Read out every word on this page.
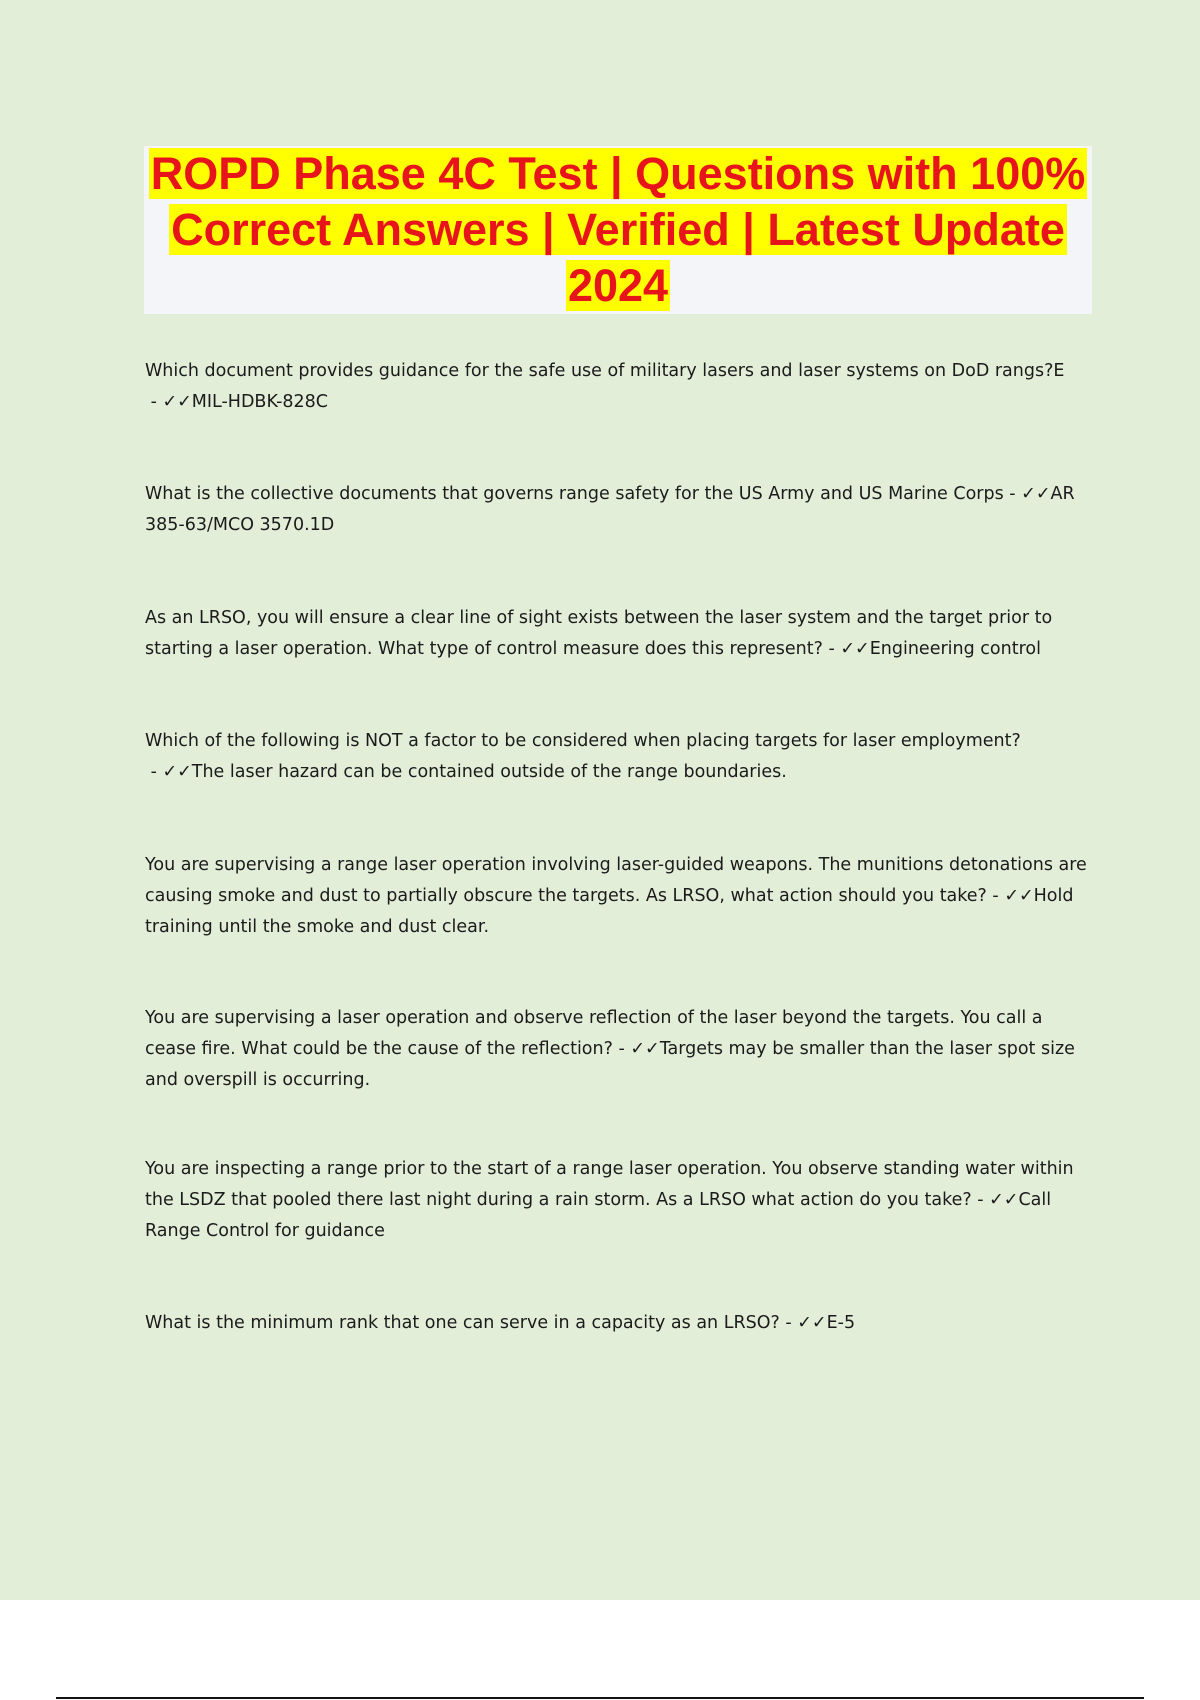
ROPD Phase 4C Test | Questions with 100% Correct Answers | Verified | Latest Update 2024

Which document provides guidance for the safe use of military lasers and laser systems on DoD rangs?E - ✓✓MIL-HDBK-828C

What is the collective documents that governs range safety for the US Army and US Marine Corps - ✓✓AR 385-63/MCO 3570.1D

As an LRSO, you will ensure a clear line of sight exists between the laser system and the target prior to starting a laser operation. What type of control measure does this represent? - ✓✓Engineering control

Which of the following is NOT a factor to be considered when placing targets for laser employment? - ✓✓The laser hazard can be contained outside of the range boundaries.

You are supervising a range laser operation involving laser-guided weapons. The munitions detonations are causing smoke and dust to partially obscure the targets. As LRSO, what action should you take? - ✓✓Hold training until the smoke and dust clear.

You are supervising a laser operation and observe reflection of the laser beyond the targets. You call a cease fire. What could be the cause of the reflection? - ✓✓Targets may be smaller than the laser spot size and overspill is occurring.

You are inspecting a range prior to the start of a range laser operation. You observe standing water within the LSDZ that pooled there last night during a rain storm. As a LRSO what action do you take? - ✓✓Call Range Control for guidance

What is the minimum rank that one can serve in a capacity as an LRSO? - ✓✓E-5
